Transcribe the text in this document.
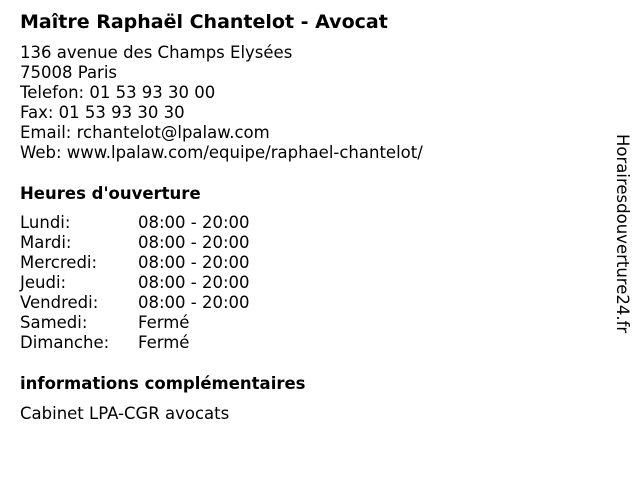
Maître Raphaël Chantelot - Avocat
136 avenue des Champs Elysées
75008 Paris
Telefon: 01 53 93 30 00
Fax: 01 53 93 30 30
Email: rchantelot@lpalaw.com
Web: www.lpalaw.com/equipe/raphael-chantelot/
Heures d'ouverture
Lundi:	08:00 - 20:00
Mardi:	08:00 - 20:00
Mercredi: 08:00 - 20:00
Jeudi:	08:00 - 20:00
Vendredi: 08:00 - 20:00
Samedi:	Fermé
Dimanche: Fermé
informations complémentaires
Cabinet LPA-CGR avocats
Horairesdouverture24.fr
